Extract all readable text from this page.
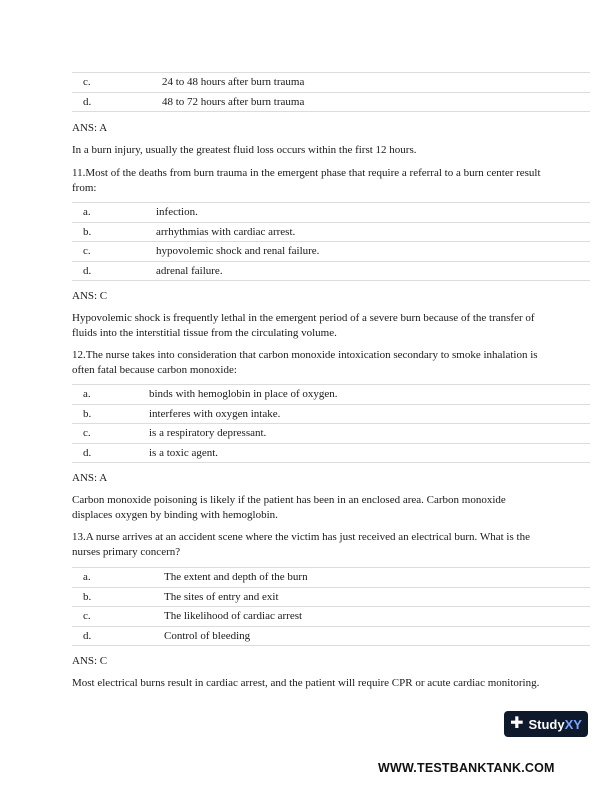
c.	24 to 48 hours after burn trauma
d.	48 to 72 hours after burn trauma

ANS: A

In a burn injury, usually the greatest fluid loss occurs within the first 12 hours.

11.Most of the deaths from burn trauma in the emergent phase that require a referral to a burn center result from:

a.	infection.
b.	arrhythmias with cardiac arrest.
c.	hypovolemic shock and renal failure.
d.	adrenal failure.

ANS: C

Hypovolemic shock is frequently lethal in the emergent period of a severe burn because of the transfer of fluids into the interstitial tissue from the circulating volume.

12.The nurse takes into consideration that carbon monoxide intoxication secondary to smoke inhalation is often fatal because carbon monoxide:

a.	binds with hemoglobin in place of oxygen.
b.	interferes with oxygen intake.
c.	is a respiratory depressant.
d.	is a toxic agent.

ANS: A

Carbon monoxide poisoning is likely if the patient has been in an enclosed area. Carbon monoxide displaces oxygen by binding with hemoglobin.

13.A nurse arrives at an accident scene where the victim has just received an electrical burn. What is the nurses primary concern?

a.	The extent and depth of the burn
b.	The sites of entry and exit
c.	The likelihood of cardiac arrest
d.	Control of bleeding

ANS: C

Most electrical burns result in cardiac arrest, and the patient will require CPR or acute cardiac monitoring.

✚ StudyXY

WWW.TESTBANKTANK.COM
